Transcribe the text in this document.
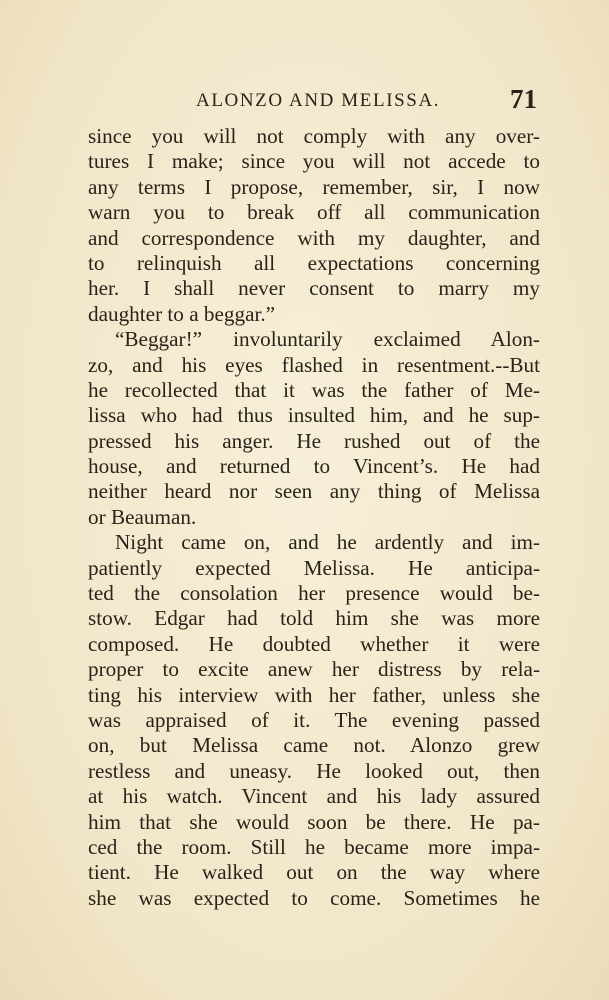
ALONZO AND MELISSA.	71
since you will not comply with any over-
tures I make; since you will not accede to
any terms I propose, remember, sir, I now
warn you to break off all communication
and correspondence with my daughter, and
to relinquish all expectations concerning
her. I shall never consent to marry my
daughter to a beggar.”
“Beggar!” involuntarily exclaimed Alon-
zo, and his eyes flashed in resentment.--But
he recollected that it was the father of Me-
lissa who had thus insulted him, and he sup-
pressed his anger. He rushed out of the
house, and returned to Vincent’s. He had
neither heard nor seen any thing of Melissa
or Beauman.
Night came on, and he ardently and im-
patiently expected Melissa. He anticipa-
ted the consolation her presence would be-
stow. Edgar had told him she was more
composed. He doubted whether it were
proper to excite anew her distress by rela-
ting his interview with her father, unless she
was appraised of it. The evening passed
on, but Melissa came not. Alonzo grew
restless and uneasy. He looked out, then
at his watch. Vincent and his lady assured
him that she would soon be there. He pa-
ced the room. Still he became more impa-
tient. He walked out on the way where
she was expected to come. Sometimes he
